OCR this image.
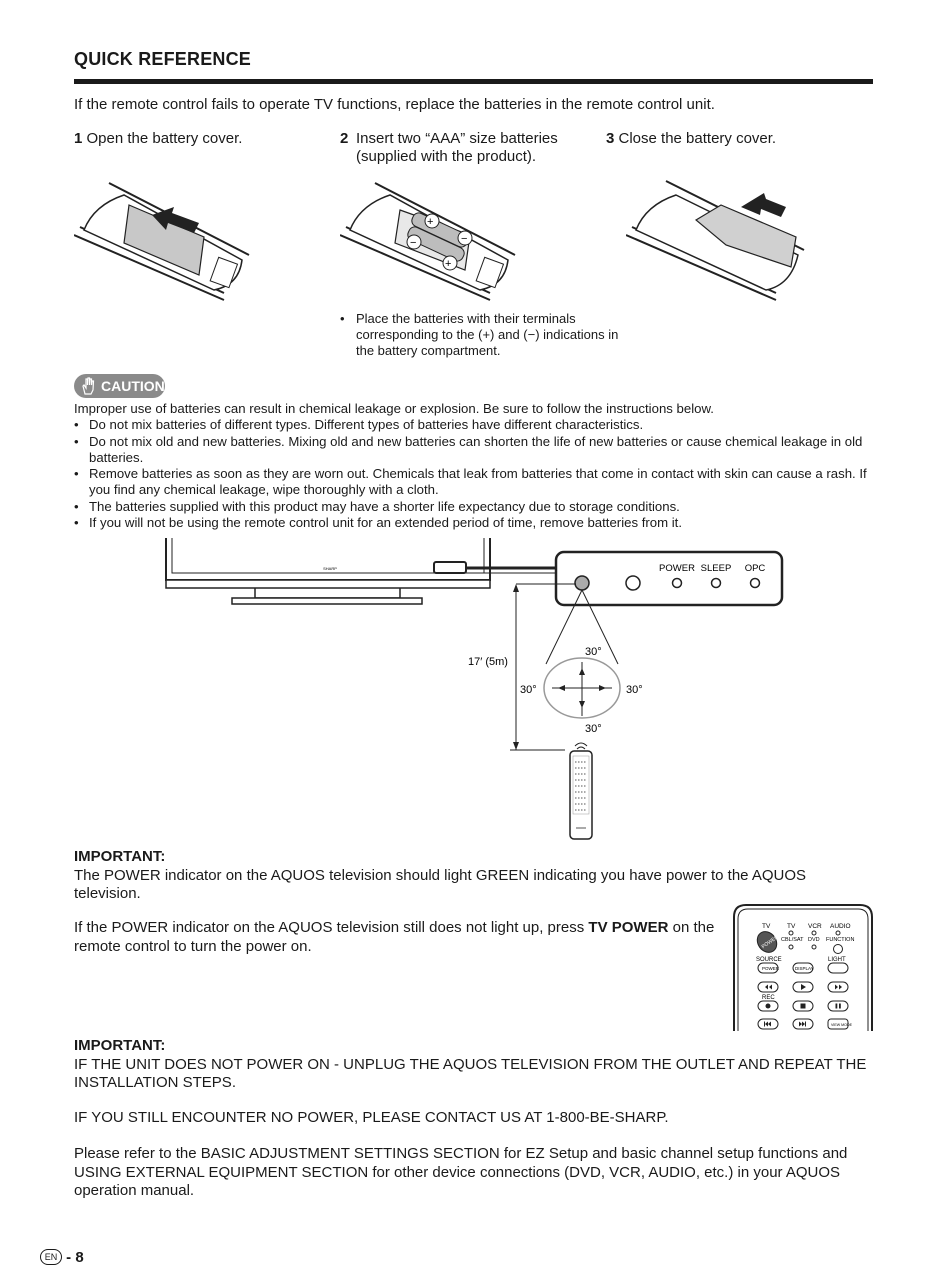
QUICK REFERENCE
If the remote control fails to operate TV functions, replace the batteries in the remote control unit.
1 Open the battery cover.	2 Insert two “AAA” size batteries (supplied with the product).
3 Close the battery cover.
+
−
−
+
• Place the batteries with their terminals corresponding to the (+) and (−) indications in the battery compartment.
CAUTION
Improper use of batteries can result in chemical leakage or explosion. Be sure to follow the instructions below.
• Do not mix batteries of different types. Different types of batteries have different characteristics.
• Do not mix old and new batteries. Mixing old and new batteries can shorten the life of new batteries or cause chemical leakage in old batteries.
• Remove batteries as soon as they are worn out. Chemicals that leak from batteries that come in contact with skin can cause a rash. If you find any chemical leakage, wipe thoroughly with a cloth.
• The batteries supplied with this product may have a shorter life expectancy due to storage conditions.
• If you will not be using the remote control unit for an extended period of time, remove batteries from it.
SHARP	POWER SLEEP OPC
17′ (5m)
30°
30°	30°
30°
IMPORTANT:
The POWER indicator on the AQUOS television should light GREEN indicating you have power to the AQUOS television.
If the POWER indicator on the AQUOS television still does not light up, press TV POWER on the remote control to turn the power on.
TV	TV VCR AUDIO
CBL/SAT DVD FUNCTION
SOURCE	LIGHT
REC
POWER
POWER	DISPLAY
VIEW MODE
IMPORTANT:
IF THE UNIT DOES NOT POWER ON - UNPLUG THE AQUOS TELEVISION FROM THE OUTLET AND REPEAT THE INSTALLATION STEPS.
IF YOU STILL ENCOUNTER NO POWER, PLEASE CONTACT US AT 1-800-BE-SHARP.
Please refer to the BASIC ADJUSTMENT SETTINGS SECTION for EZ Setup and basic channel setup functions and USING EXTERNAL EQUIPMENT SECTION for other device connections (DVD, VCR, AUDIO, etc.) in your AQUOS operation manual.
EN - 8
